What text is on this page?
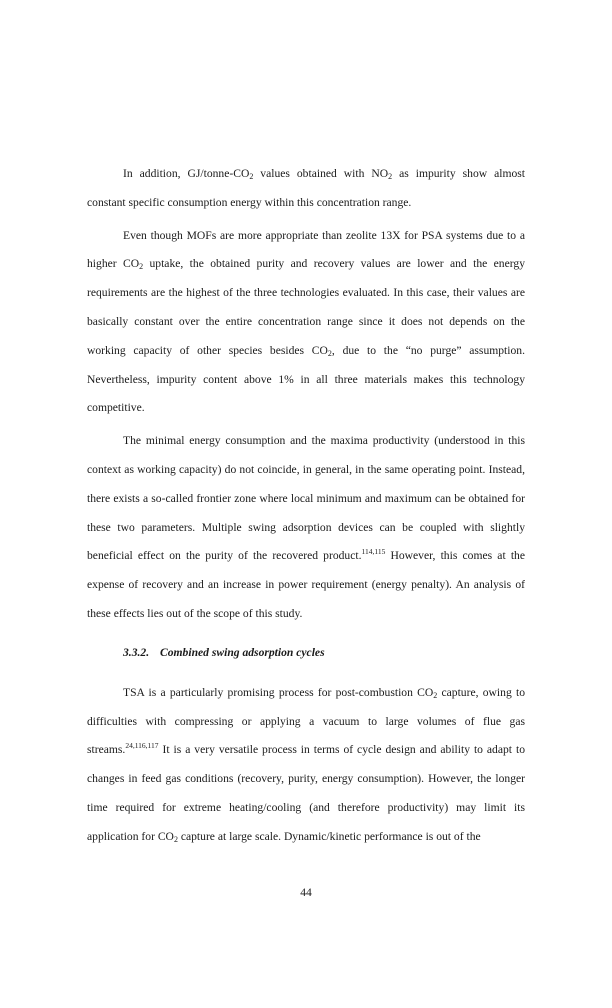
In addition, $GJ/tonne-CO_2$ values obtained with $NO_2$ as impurity show almost constant specific consumption energy within this concentration range.

Even though MOFs are more appropriate than zeolite 13X for PSA systems due to a higher $CO_2$ uptake, the obtained purity and recovery values are lower and the energy requirements are the highest of the three technologies evaluated. In this case, their values are basically constant over the entire concentration range since it does not depends on the working capacity of other species besides $CO_2$, due to the “no purge” assumption. Nevertheless, impurity content above 1% in all three materials makes this technology competitive.

The minimal energy consumption and the maxima productivity (understood in this context as working capacity) do not coincide, in general, in the same operating point. Instead, there exists a so-called frontier zone where local minimum and maximum can be obtained for these two parameters. Multiple swing adsorption devices can be coupled with slightly beneficial effect on the purity of the recovered product.$^{114,115}$ However, this comes at the expense of recovery and an increase in power requirement (energy penalty). An analysis of these effects lies out of the scope of this study.

3.3.2. Combined swing adsorption cycles

TSA is a particularly promising process for post-combustion $CO_2$ capture, owing to difficulties with compressing or applying a vacuum to large volumes of flue gas streams.$^{24,116,117}$ It is a very versatile process in terms of cycle design and ability to adapt to changes in feed gas conditions (recovery, purity, energy consumption). However, the longer time required for extreme heating/cooling (and therefore productivity) may limit its application for $CO_2$ capture at large scale. Dynamic/kinetic performance is out of the

44
